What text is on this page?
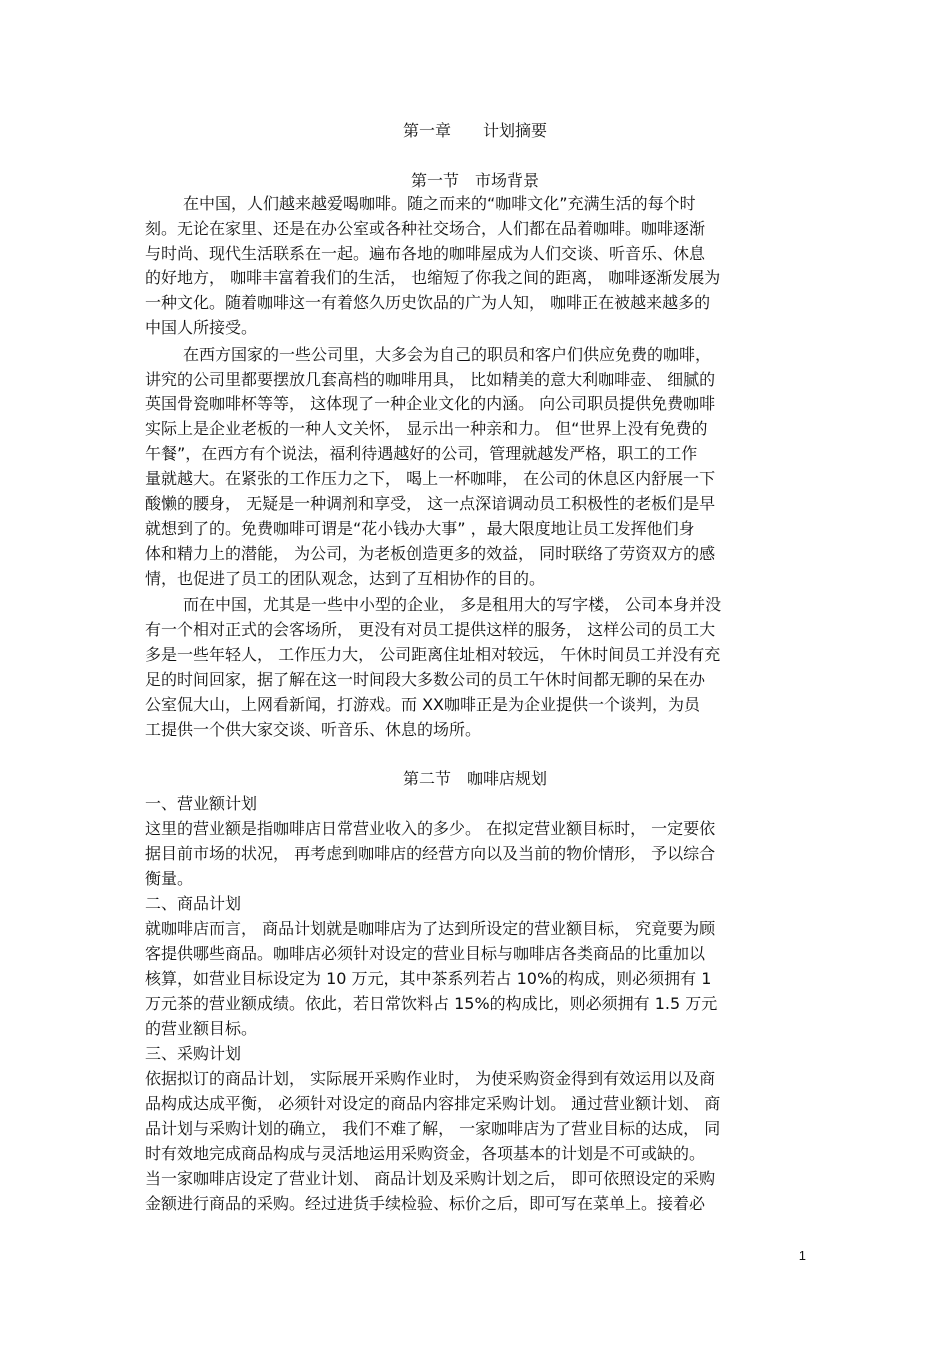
第一章　　计划摘要
第一节　市场背景
在中国，人们越来越爱喝咖啡。随之而来的“咖啡文化”充满生活的每个时
刻。无论在家里、还是在办公室或各种社交场合，人们都在品着咖啡。咖啡逐渐
与时尚、现代生活联系在一起。遍布各地的咖啡屋成为人们交谈、听音乐、休息
的好地方， 咖啡丰富着我们的生活， 也缩短了你我之间的距离， 咖啡逐渐发展为
一种文化。随着咖啡这一有着悠久历史饮品的广为人知， 咖啡正在被越来越多的
中国人所接受。
在西方国家的一些公司里，大多会为自己的职员和客户们供应免费的咖啡，
讲究的公司里都要摆放几套高档的咖啡用具， 比如精美的意大利咖啡壶、 细腻的
英国骨瓷咖啡杯等等， 这体现了一种企业文化的内涵。 向公司职员提供免费咖啡
实际上是企业老板的一种人文关怀， 显示出一种亲和力。 但“世界上没有免费的
午餐”，在西方有个说法，福利待遇越好的公司，管理就越发严格，职工的工作
量就越大。在紧张的工作压力之下， 喝上一杯咖啡， 在公司的休息区内舒展一下
酸懒的腰身， 无疑是一种调剂和享受， 这一点深谙调动员工积极性的老板们是早
就想到了的。免费咖啡可谓是“花小钱办大事” ，最大限度地让员工发挥他们身
体和精力上的潜能， 为公司，为老板创造更多的效益， 同时联络了劳资双方的感
情，也促进了员工的团队观念，达到了互相协作的目的。
而在中国，尤其是一些中小型的企业， 多是租用大的写字楼， 公司本身并没
有一个相对正式的会客场所， 更没有对员工提供这样的服务， 这样公司的员工大
多是一些年轻人， 工作压力大， 公司距离住址相对较远， 午休时间员工并没有充
足的时间回家，据了解在这一时间段大多数公司的员工午休时间都无聊的呆在办
公室侃大山，上网看新闻，打游戏。而 XX咖啡正是为企业提供一个谈判，为员
工提供一个供大家交谈、听音乐、休息的场所。
第二节　咖啡店规划
一、营业额计划
这里的营业额是指咖啡店日常营业收入的多少。 在拟定营业额目标时， 一定要依
据目前市场的状况， 再考虑到咖啡店的经营方向以及当前的物价情形， 予以综合
衡量。
二、商品计划
就咖啡店而言， 商品计划就是咖啡店为了达到所设定的营业额目标， 究竟要为顾
客提供哪些商品。咖啡店必须针对设定的营业目标与咖啡店各类商品的比重加以
核算，如营业目标设定为 10 万元，其中茶系列若占 10%的构成，则必须拥有 1
万元茶的营业额成绩。依此，若日常饮料占 15%的构成比，则必须拥有 1.5 万元
的营业额目标。
三、采购计划
依据拟订的商品计划， 实际展开采购作业时， 为使采购资金得到有效运用以及商
品构成达成平衡， 必须针对设定的商品内容排定采购计划。 通过营业额计划、 商
品计划与采购计划的确立， 我们不难了解， 一家咖啡店为了营业目标的达成， 同
时有效地完成商品构成与灵活地运用采购资金，各项基本的计划是不可或缺的。
当一家咖啡店设定了营业计划、 商品计划及采购计划之后， 即可依照设定的采购
金额进行商品的采购。经过进货手续检验、标价之后，即可写在菜单上。接着必
1
